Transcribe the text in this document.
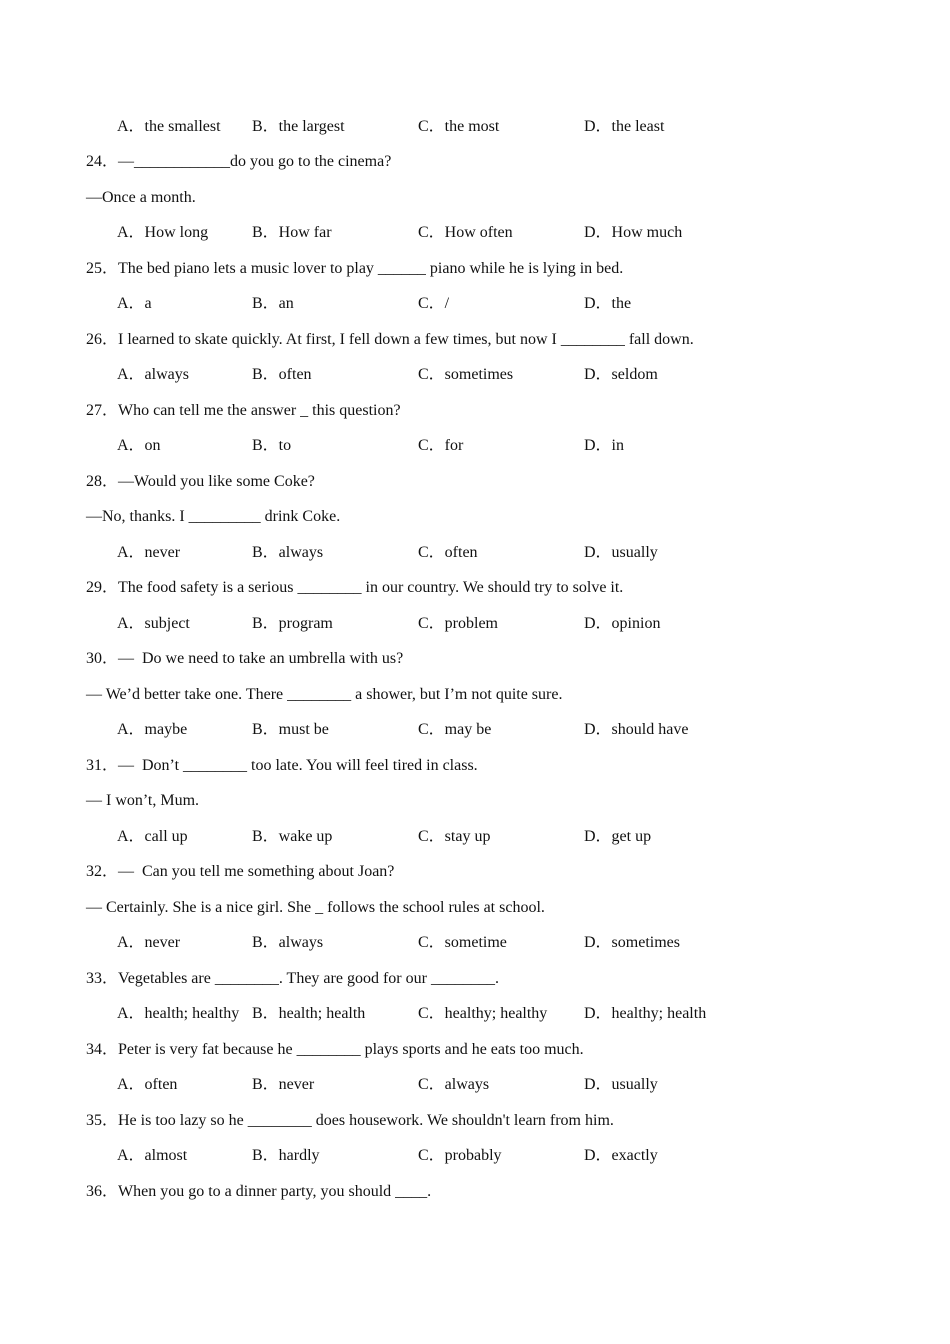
A．the smallest B．the largest	C．the most	D．the least
24．—____________do you go to the cinema?
—Once a month.
A．How long	B．How far	C．How often	D．How much
25．The bed piano lets a music lover to play ______ piano while he is lying in bed.
A．a	B．an	C．/	D．the
26．I learned to skate quickly. At first, I fell down a few times, but now I ________ fall down.
A．always	B．often	C．sometimes	D．seldom
27．Who can tell me the answer _ this question?
A．on	B．to	C．for	D．in
28．—Would you like some Coke?
—No, thanks. I _________ drink Coke.
A．never	B．always	C．often	D．usually
29．The food safety is a serious ________ in our country. We should try to solve it.
A．subject	B．program	C．problem	D．opinion
30．—  Do we need to take an umbrella with us?
— We’d better take one. There ________ a shower, but I’m not quite sure.
A．maybe	B．must be	C．may be	D．should have
31．—  Don’t ________ too late. You will feel tired in class.
— I won’t, Mum.
A．call up	B．wake up	C．stay up	D．get up
32．—  Can you tell me something about Joan?
— Certainly. She is a nice girl. She _ follows the school rules at school.
A．never	B．always	C．sometime	D．sometimes
33．Vegetables are ________. They are good for our ________.
A．health; healthy B．health; health	C．healthy; healthy D．healthy; health
34．Peter is very fat because he ________ plays sports and he eats too much.
A．often	B．never	C．always	D．usually
35．He is too lazy so he ________ does housework. We shouldn't learn from him.
A．almost	B．hardly	C．probably	D．exactly
36．When you go to a dinner party, you should ____.
